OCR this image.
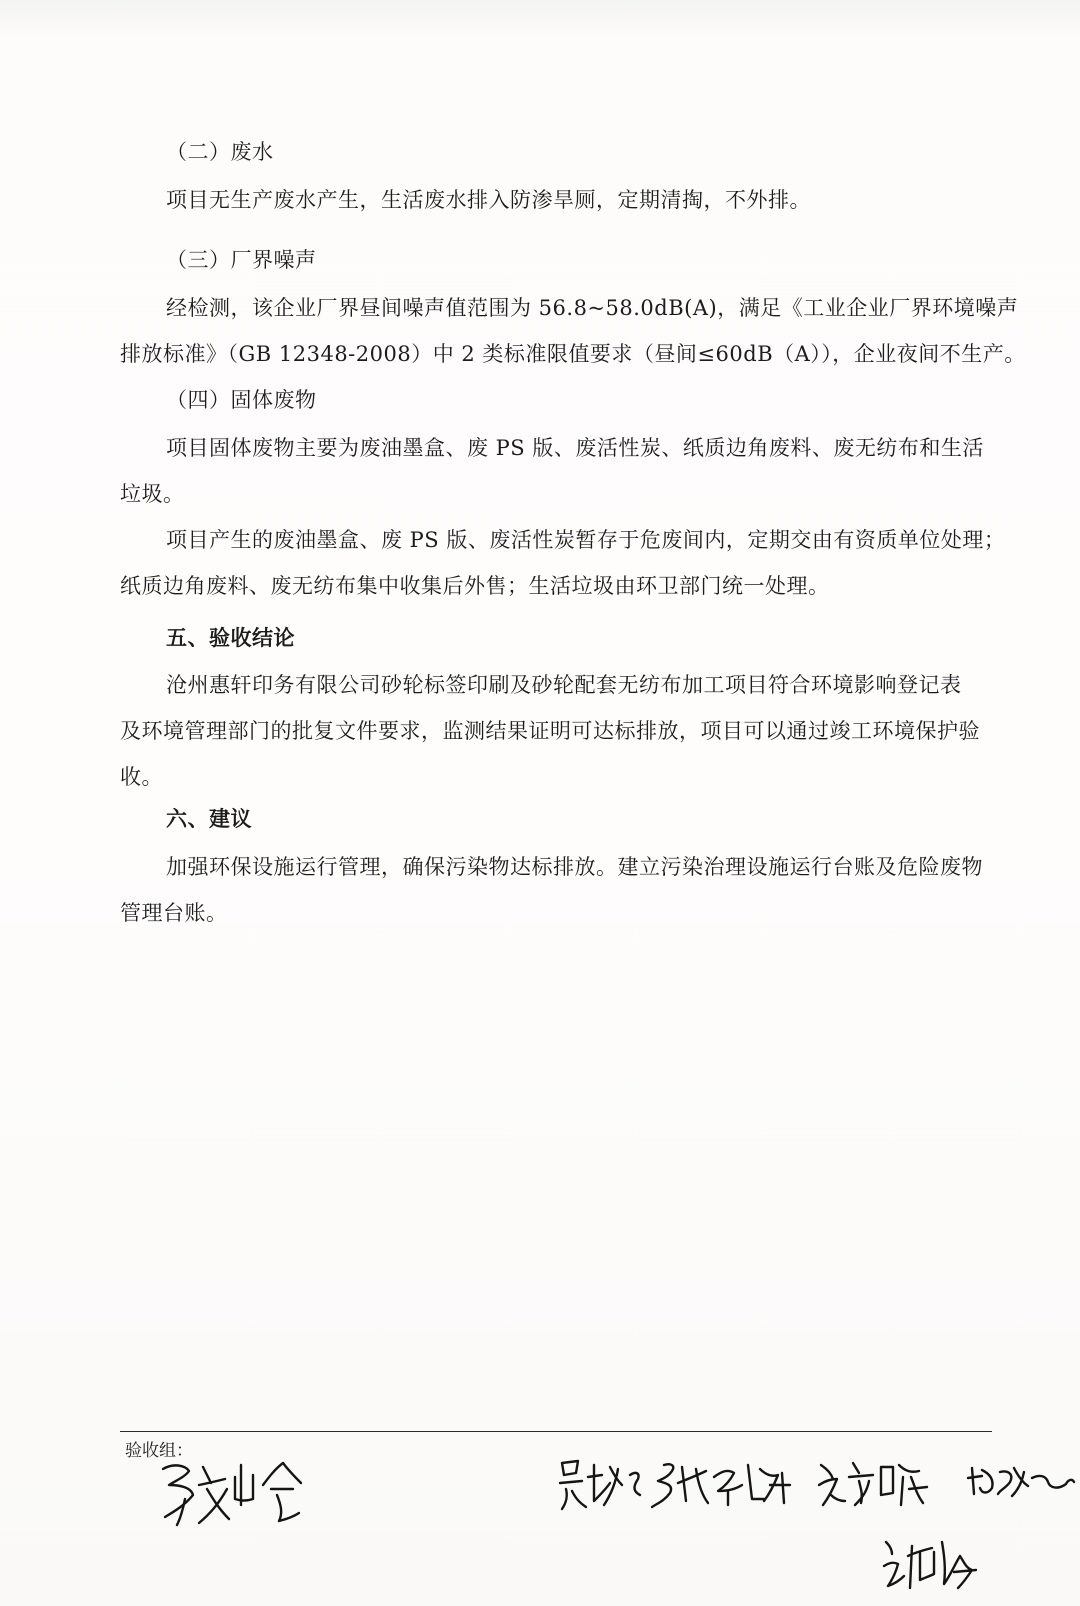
（二）废水
项目无生产废水产生，生活废水排入防渗旱厕，定期清掏，不外排。
（三）厂界噪声
经检测，该企业厂界昼间噪声值范围为 56.8~58.0dB(A)，满足《工业企业厂界环境噪声
排放标准》（GB 12348-2008）中 2 类标准限值要求（昼间≤60dB（A）），企业夜间不生产。
（四）固体废物
项目固体废物主要为废油墨盒、废 PS 版、废活性炭、纸质边角废料、废无纺布和生活
垃圾。
项目产生的废油墨盒、废 PS 版、废活性炭暂存于危废间内，定期交由有资质单位处理；
纸质边角废料、废无纺布集中收集后外售；生活垃圾由环卫部门统一处理。
五、验收结论
沧州惠轩印务有限公司砂轮标签印刷及砂轮配套无纺布加工项目符合环境影响登记表
及环境管理部门的批复文件要求，监测结果证明可达标排放，项目可以通过竣工环境保护验
收。
六、建议
加强环保设施运行管理，确保污染物达标排放。建立污染治理设施运行台账及危险废物
管理台账。
验收组：
